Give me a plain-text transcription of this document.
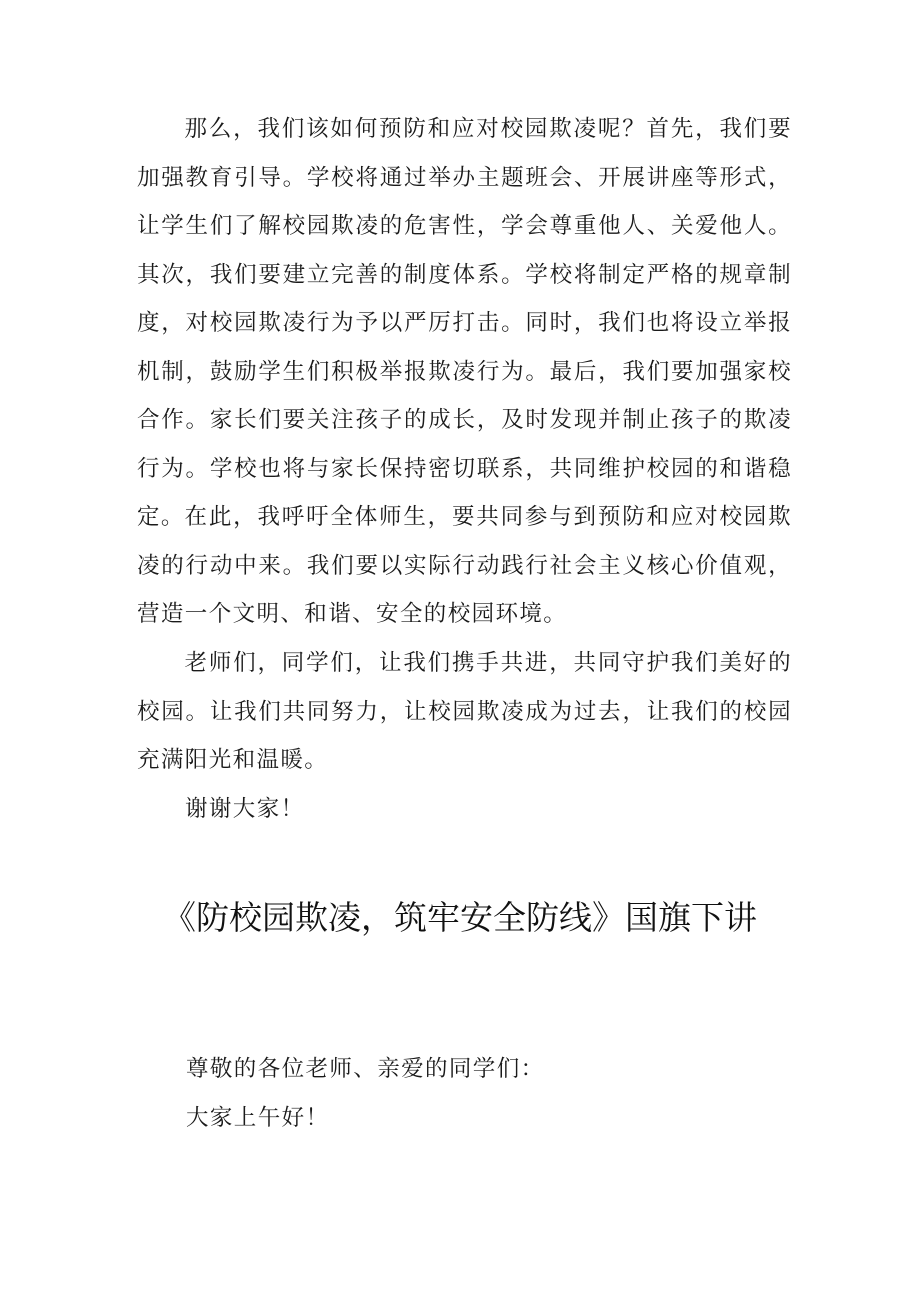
那么，我们该如何预防和应对校园欺凌呢？首先，我们要加强教育引导。学校将通过举办主题班会、开展讲座等形式，让学生们了解校园欺凌的危害性，学会尊重他人、关爱他人。其次，我们要建立完善的制度体系。学校将制定严格的规章制度，对校园欺凌行为予以严厉打击。同时，我们也将设立举报机制，鼓励学生们积极举报欺凌行为。最后，我们要加强家校合作。家长们要关注孩子的成长，及时发现并制止孩子的欺凌行为。学校也将与家长保持密切联系，共同维护校园的和谐稳定。 在此，我呼吁全体师生，要共同参与到预防和应对校园欺凌的行动中来。我们要以实际行动践行社会主义核心价值观，营造一个文明、和谐、安全的校园环境。

老师们，同学们，让我们携手共进，共同守护我们美好的校园。让我们共同努力，让校园欺凌成为过去，让我们的校园充满阳光和温暖。

谢谢大家！

《防校园欺凌，筑牢安全防线》国旗下讲

尊敬的各位老师、亲爱的同学们：

大家上午好！
